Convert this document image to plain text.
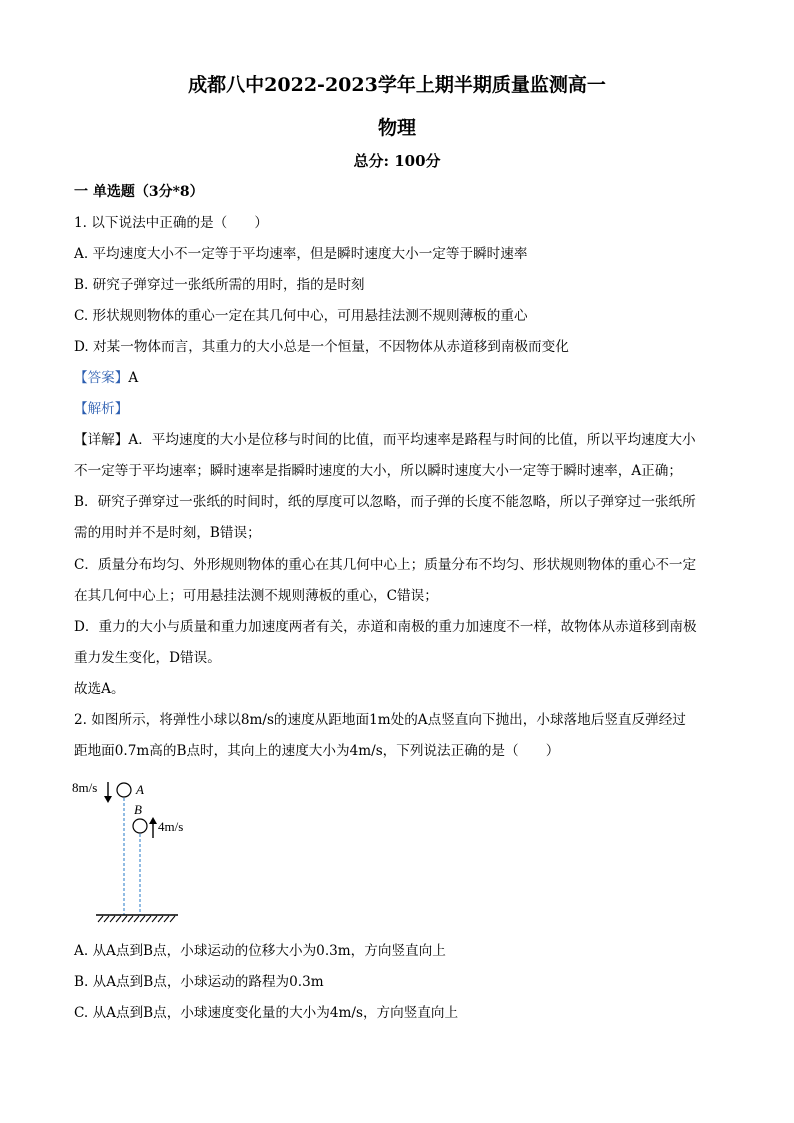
成都八中2022-2023学年上期半期质量监测高一
物理
总分: 100分
一 单选题（3分*8）
1. 以下说法中正确的是（　　）
A. 平均速度大小不一定等于平均速率，但是瞬时速度大小一定等于瞬时速率
B. 研究子弹穿过一张纸所需的用时，指的是时刻
C. 形状规则物体的重心一定在其几何中心，可用悬挂法测不规则薄板的重心
D. 对某一物体而言，其重力的大小总是一个恒量，不因物体从赤道移到南极而变化
【答案】A
【解析】
【详解】A．平均速度的大小是位移与时间的比值，而平均速率是路程与时间的比值，所以平均速度大小
不一定等于平均速率；瞬时速率是指瞬时速度的大小，所以瞬时速度大小一定等于瞬时速率，A正确；
B．研究子弹穿过一张纸的时间时，纸的厚度可以忽略，而子弹的长度不能忽略，所以子弹穿过一张纸所
需的用时并不是时刻，B错误；
C．质量分布均匀、外形规则物体的重心在其几何中心上；质量分布不均匀、形状规则物体的重心不一定
在其几何中心上；可用悬挂法测不规则薄板的重心，C错误；
D．重力的大小与质量和重力加速度两者有关，赤道和南极的重力加速度不一样，故物体从赤道移到南极
重力发生变化，D错误。
故选A。
2. 如图所示，将弹性小球以8m/s的速度从距地面1m处的A点竖直向下抛出，小球落地后竖直反弹经过
距地面0.7m高的B点时，其向上的速度大小为4m/s，下列说法正确的是（　　）
8m/s	A
B
4m/s
A. 从A点到B点，小球运动的位移大小为0.3m，方向竖直向上
B. 从A点到B点，小球运动的路程为0.3m
C. 从A点到B点，小球速度变化量的大小为4m/s，方向竖直向上
